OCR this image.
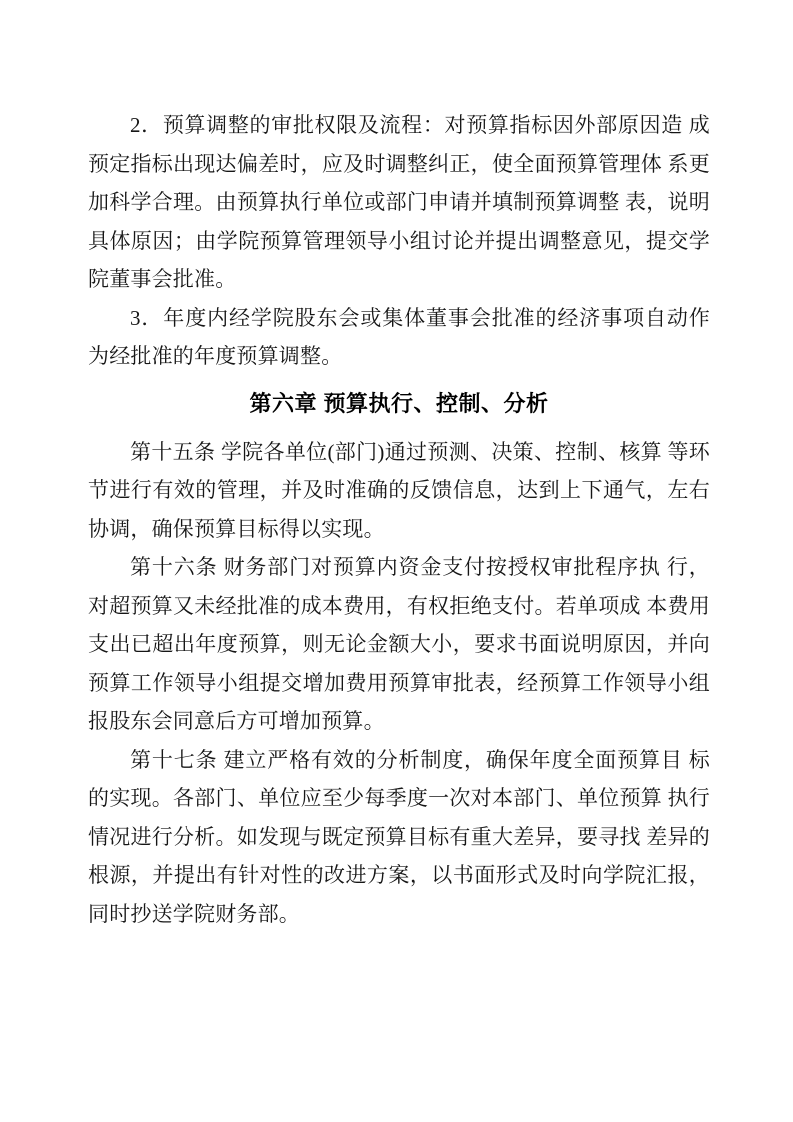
2．预算调整的审批权限及流程：对预算指标因外部原因造 成预定指标出现达偏差时，应及时调整纠正，使全面预算管理体 系更加科学合理。由预算执行单位或部门申请并填制预算调整 表，说明具体原因；由学院预算管理领导小组讨论并提出调整意见，提交学院董事会批准。

3．年度内经学院股东会或集体董事会批准的经济事项自动作为经批准的年度预算调整。

第六章 预算执行、控制、分析

第十五条 学院各单位(部门)通过预测、决策、控制、核算 等环节进行有效的管理，并及时准确的反馈信息，达到上下通气，左右协调，确保预算目标得以实现。

第十六条 财务部门对预算内资金支付按授权审批程序执 行，对超预算又未经批准的成本费用，有权拒绝支付。若单项成 本费用支出已超出年度预算，则无论金额大小，要求书面说明原因，并向预算工作领导小组提交增加费用预算审批表，经预算工作领导小组报股东会同意后方可增加预算。

第十七条 建立严格有效的分析制度，确保年度全面预算目 标的实现。各部门、单位应至少每季度一次对本部门、单位预算 执行情况进行分析。如发现与既定预算目标有重大差异，要寻找 差异的根源，并提出有针对性的改进方案，以书面形式及时向学院汇报，同时抄送学院财务部。
